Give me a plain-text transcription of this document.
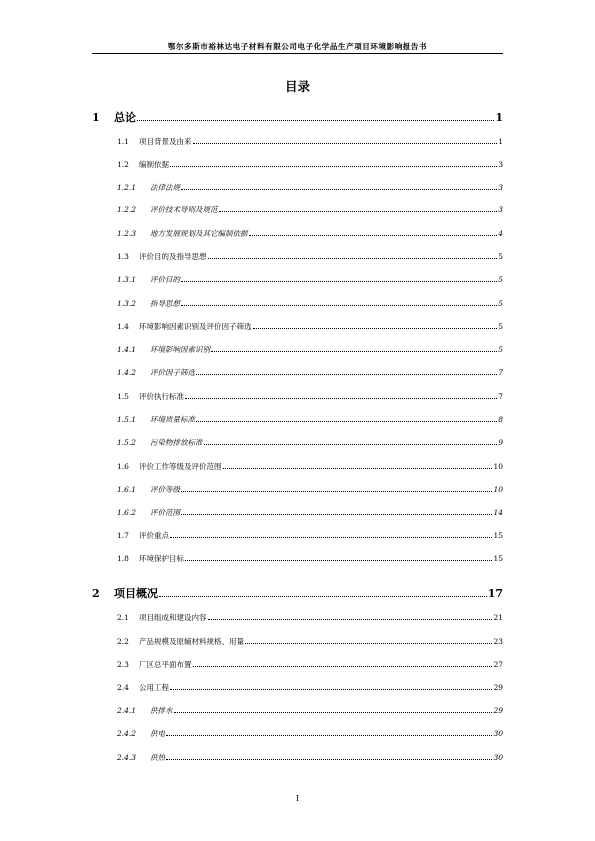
鄂尔多斯市裕林达电子材料有限公司电子化学品生产项目环境影响报告书
目录
1	总论	1
1.1	项目背景及由来	1
1.2	编制依据	3
1.2.1	法律法规	3
1.2.2	评价技术导则及规范	3
1.2.3	地方发展规划及其它编制依据	4
1.3	评价目的及指导思想	5
1.3.1	评价目的	5
1.3.2	指导思想	5
1.4	环境影响因素识别及评价因子筛选	5
1.4.1	环境影响因素识别	5
1.4.2	评价因子筛选	7
1.5	评价执行标准	7
1.5.1	环境质量标准	8
1.5.2	污染物排放标准	9
1.6	评价工作等级及评价范围	10
1.6.1	评价等级	10
1.6.2	评价范围	14
1.7	评价重点	15
1.8	环境保护目标	15
2	项目概况	17
2.1	项目组成和建设内容	21
2.2	产品规模及原辅材料规格、用量	23
2.3	厂区总平面布置	27
2.4	公用工程	29
2.4.1	供排水	29
2.4.2	供电	30
2.4.3	供热	30
I
